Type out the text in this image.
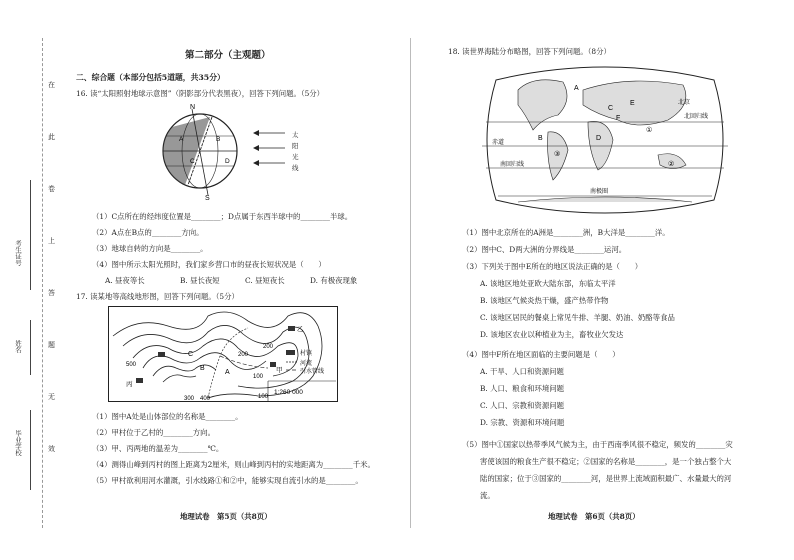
在
此
卷
上
答
题
无
效
考生证号
姓名
毕业学校
第二部分（主观题）
二、综合题（本部分包括5道题，共35分）
16. 读“太阳照射地球示意图”（阴影部分代表黑夜），回答下列问题。（5分）
N
S
A	B
C	D
太阳光线
（1）C点所在的经纬度位置是________；D点属于东西半球中的________半球。
（2）A点在B点的________方向。
（3）地球自转的方向是________。
（4）图中所示太阳光照时，我们家乡营口市的昼夜长短状况是（　　）
A. 昼夜等长	B. 昼长夜短	C. 昼短夜长	D. 有极夜现象
17. 读某地等高线地形图，回答下列问题。（5分）
100
200
300 400
500
200
100
A
B
C
甲
乙
丙
村镇
河流
引水管线
1:260 000
（1）图中A处是山体部位的名称是________。
（2）甲村位于乙村的________方向。
（3）甲、丙两地的温差为________℃。
（4）测得山峰到丙村的图上距离为2厘米，则山峰到丙村的实地距离为________千米。
（5）甲村欲利用河水灌溉，引水线路①和②中，能够实现自流引水的是________。
地理试卷　第5页（共8页）
18. 读世界海陆分布略图，回答下列问题。（8分）
A
B
C
D
E
F
①
②
③
北京
北回归线
赤道
南回归线
南极圈
（1）图中北京所在的A洲是________洲，B大洋是________洋。
（2）图中C、D两大洲的分界线是________运河。
（3）下列关于图中E所在的地区说法正确的是（　　）
A. 该地区地处亚欧大陆东部，东临太平洋
B. 该地区气候炎热干燥，盛产热带作物
C. 该地区居民的餐桌上常见牛排、羊腿、奶油、奶酪等食品
D. 该地区农业以种植业为主，畜牧业欠发达
（4）图中F所在地区面临的主要问题是（　　）
A. 干旱、人口和资源问题
B. 人口、粮食和环境问题
C. 人口、宗教和资源问题
D. 宗教、资源和环境问题
（5）图中①国家以热带季风气候为主，由于西南季风很不稳定，频发的________灾
害使该国的粮食生产很不稳定；②国家的名称是________，是一个独占整个大
陆的国家；位于③国家的________河，是世界上流域面积最广、水量最大的河
流。
地理试卷　第6页（共8页）
